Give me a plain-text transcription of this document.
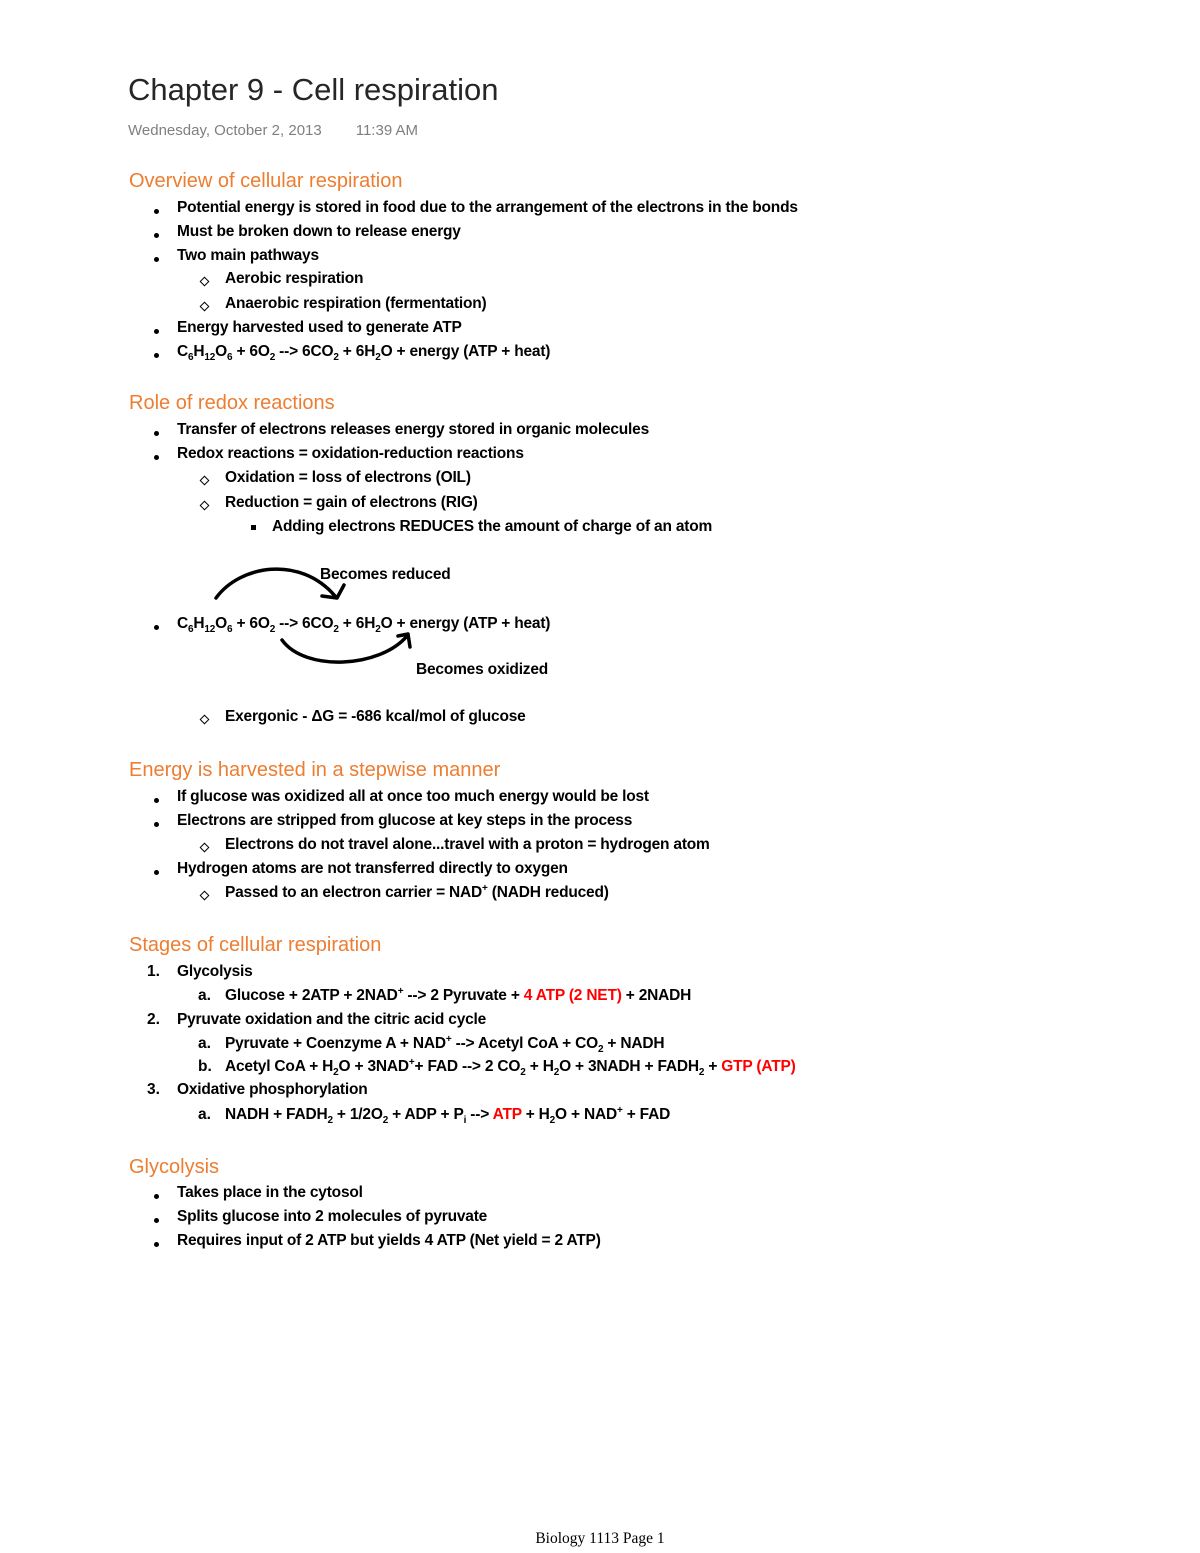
Chapter 9 - Cell respiration
Wednesday, October 2, 2013 11:39 AM
Overview of cellular respiration
Potential energy is stored in food due to the arrangement of the electrons in the bonds
Must be broken down to release energy
Two main pathways
Aerobic respiration
Anaerobic respiration (fermentation)
Energy harvested used to generate ATP
$C_6H_{12}O_6 + 6O_2$ --> $6CO_2 + 6H_2O$ + energy (ATP + heat)
Role of redox reactions
Transfer of electrons releases energy stored in organic molecules
Redox reactions = oxidation-reduction reactions
Oxidation = loss of electrons (OIL)
Reduction = gain of electrons (RIG)
Adding electrons REDUCES the amount of charge of an atom
Becomes reduced
$C_6H_{12}O_6 + 6O_2$ --> $6CO_2 + 6H_2O$ + energy (ATP + heat)
Becomes oxidized
Exergonic - ΔG = -686 kcal/mol of glucose
Energy is harvested in a stepwise manner
If glucose was oxidized all at once too much energy would be lost
Electrons are stripped from glucose at key steps in the process
Electrons do not travel alone...travel with a proton = hydrogen atom
Hydrogen atoms are not transferred directly to oxygen
Passed to an electron carrier = NAD+ (NADH reduced)
Stages of cellular respiration
1. Glycolysis
a. Glucose + 2ATP + 2NAD+ --> 2 Pyruvate + 4 ATP (2 NET) + 2NADH
2. Pyruvate oxidation and the citric acid cycle
a. Pyruvate + Coenzyme A + NAD+ --> Acetyl CoA + $CO_2$ + NADH
b. Acetyl CoA + $H_2O + 3NAD^++$ FAD --> 2 $CO_2 + H_2O$ + 3NADH + $FADH_2$ + GTP (ATP)
3. Oxidative phosphorylation
a. NADH + $FADH_2 + 1/2O_2$ + ADP + $P_i$ --> ATP + $H_2O + NAD^+$ + FAD
Glycolysis
Takes place in the cytosol
Splits glucose into 2 molecules of pyruvate
Requires input of 2 ATP but yields 4 ATP (Net yield = 2 ATP)
Biology 1113 Page 1
